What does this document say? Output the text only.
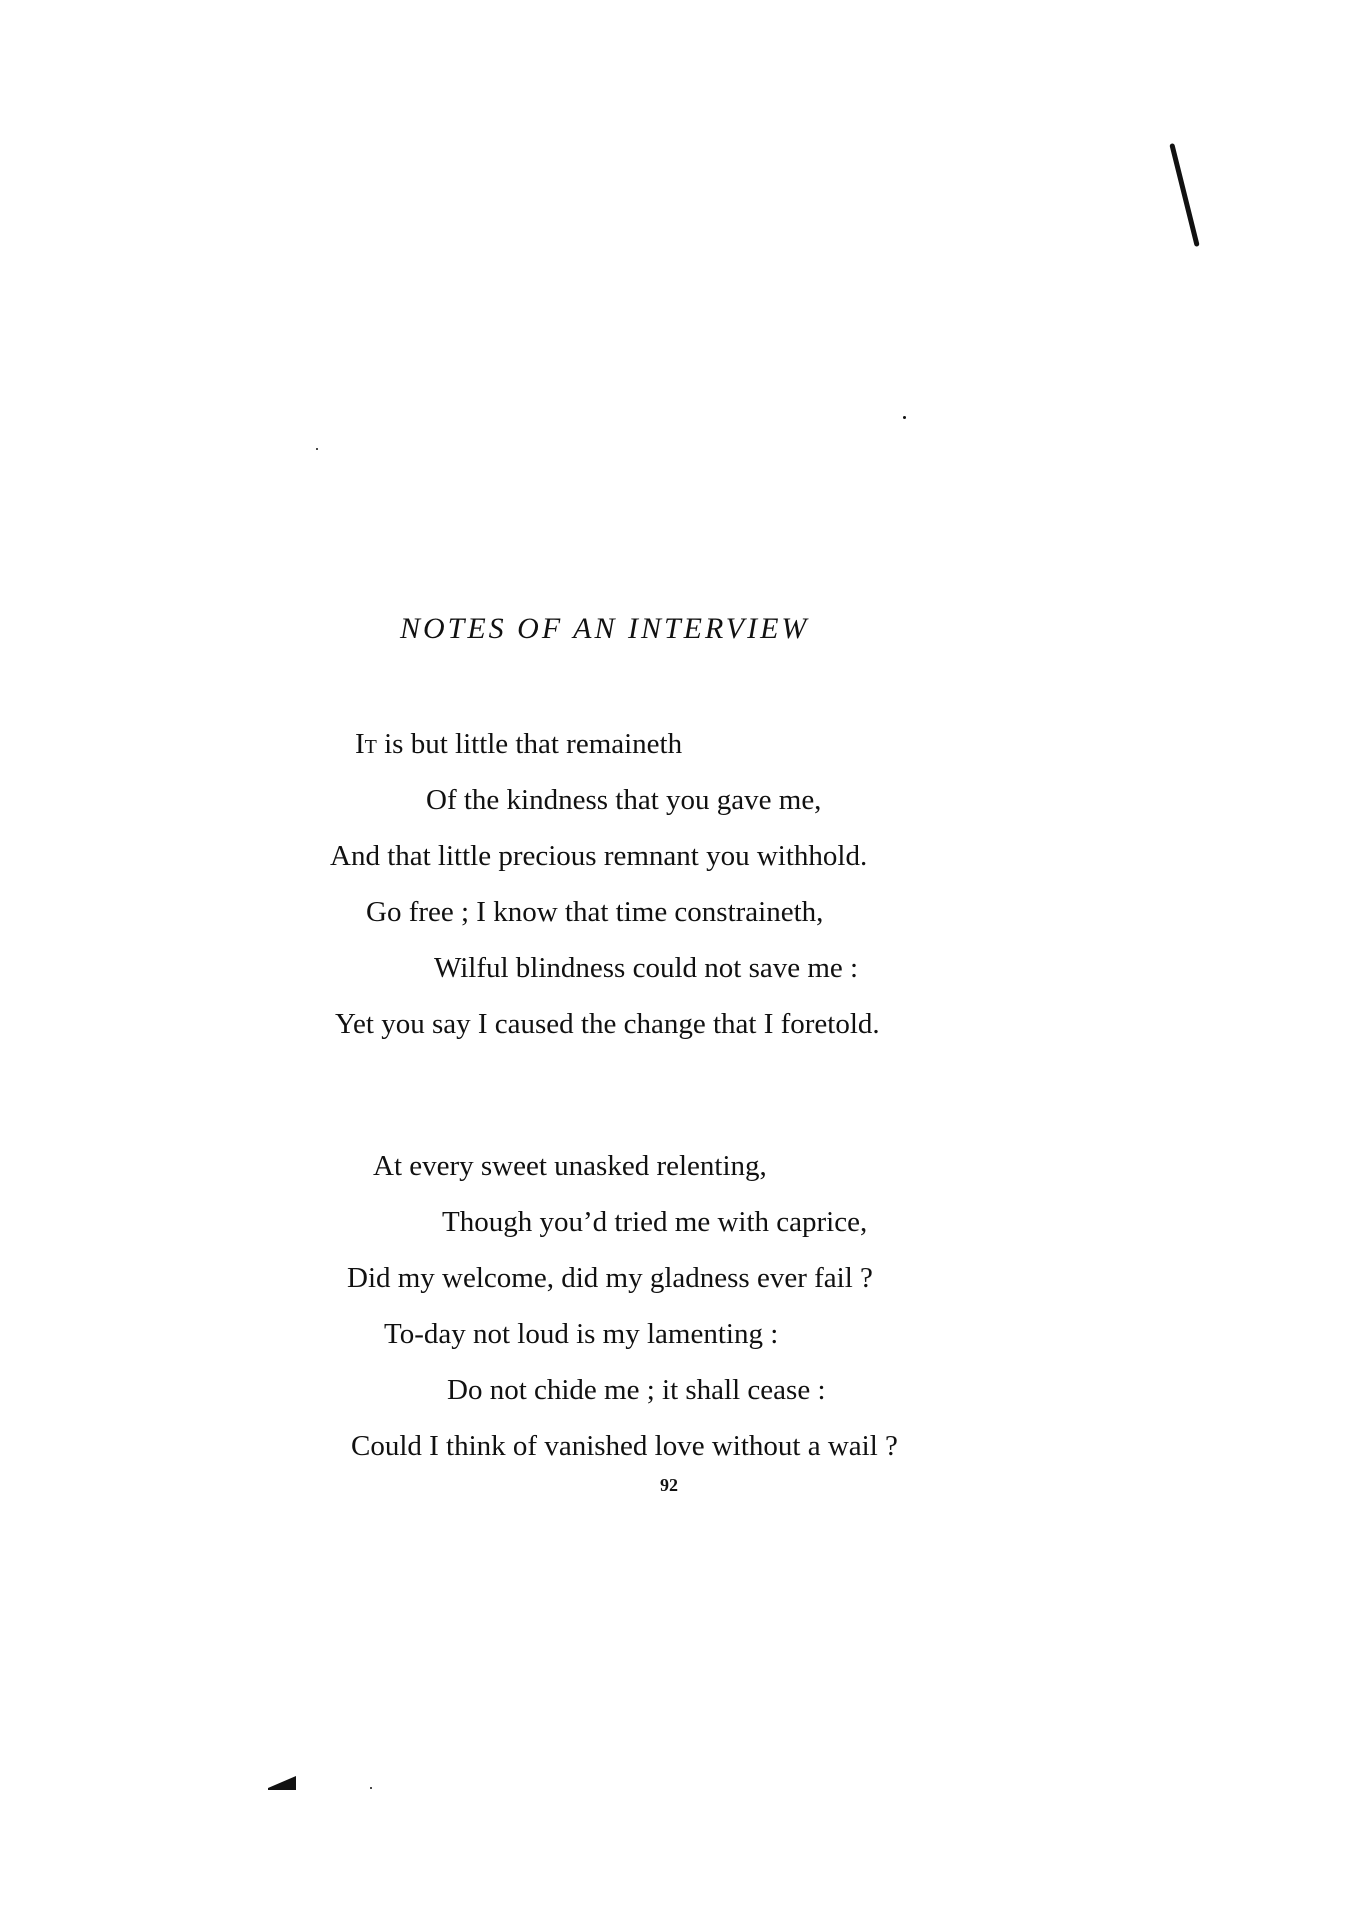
NOTES OF AN INTERVIEW
It is but little that remaineth
Of the kindness that you gave me,
And that little precious remnant you withhold.
Go free ; I know that time constraineth,
Wilful blindness could not save me :
Yet you say I caused the change that I foretold.
At every sweet unasked relenting,
Though you’d tried me with caprice,
Did my welcome, did my gladness ever fail ?
To-day not loud is my lamenting :
Do not chide me ; it shall cease :
Could I think of vanished love without a wail ?
92
